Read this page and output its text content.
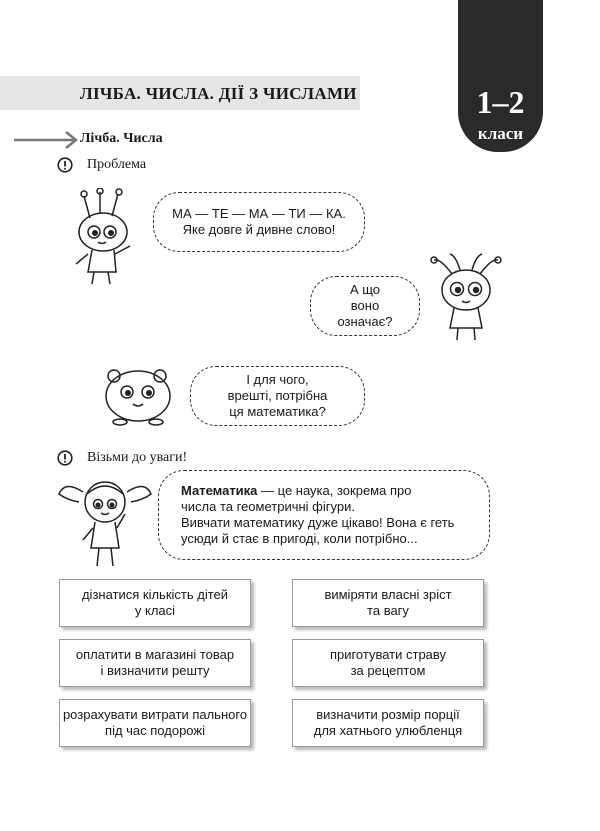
ЛІЧБА. ЧИСЛА. ДІЇ З ЧИСЛАМИ	1–2
класи
Лічба. Числа
Проблема
МА — ТЕ — МА — ТИ — КА.
Яке довге й дивне слово!
А що
воно
означає?
І для чого,
врешті, потрібна
ця математика?
Візьми до уваги!
Математика — це наука, зокрема про
числа та геометричні фігури.
Вивчати математику дуже цікаво! Вона є геть
усюди й стає в пригоді, коли потрібно...
дізнатися кількість дітей
у класі
виміряти власні зріст
та вагу
оплатити в магазині товар
і визначити решту
приготувати страву
за рецептом
розрахувати витрати пального
під час подорожі
визначити розмір порції
для хатнього улюбленця
